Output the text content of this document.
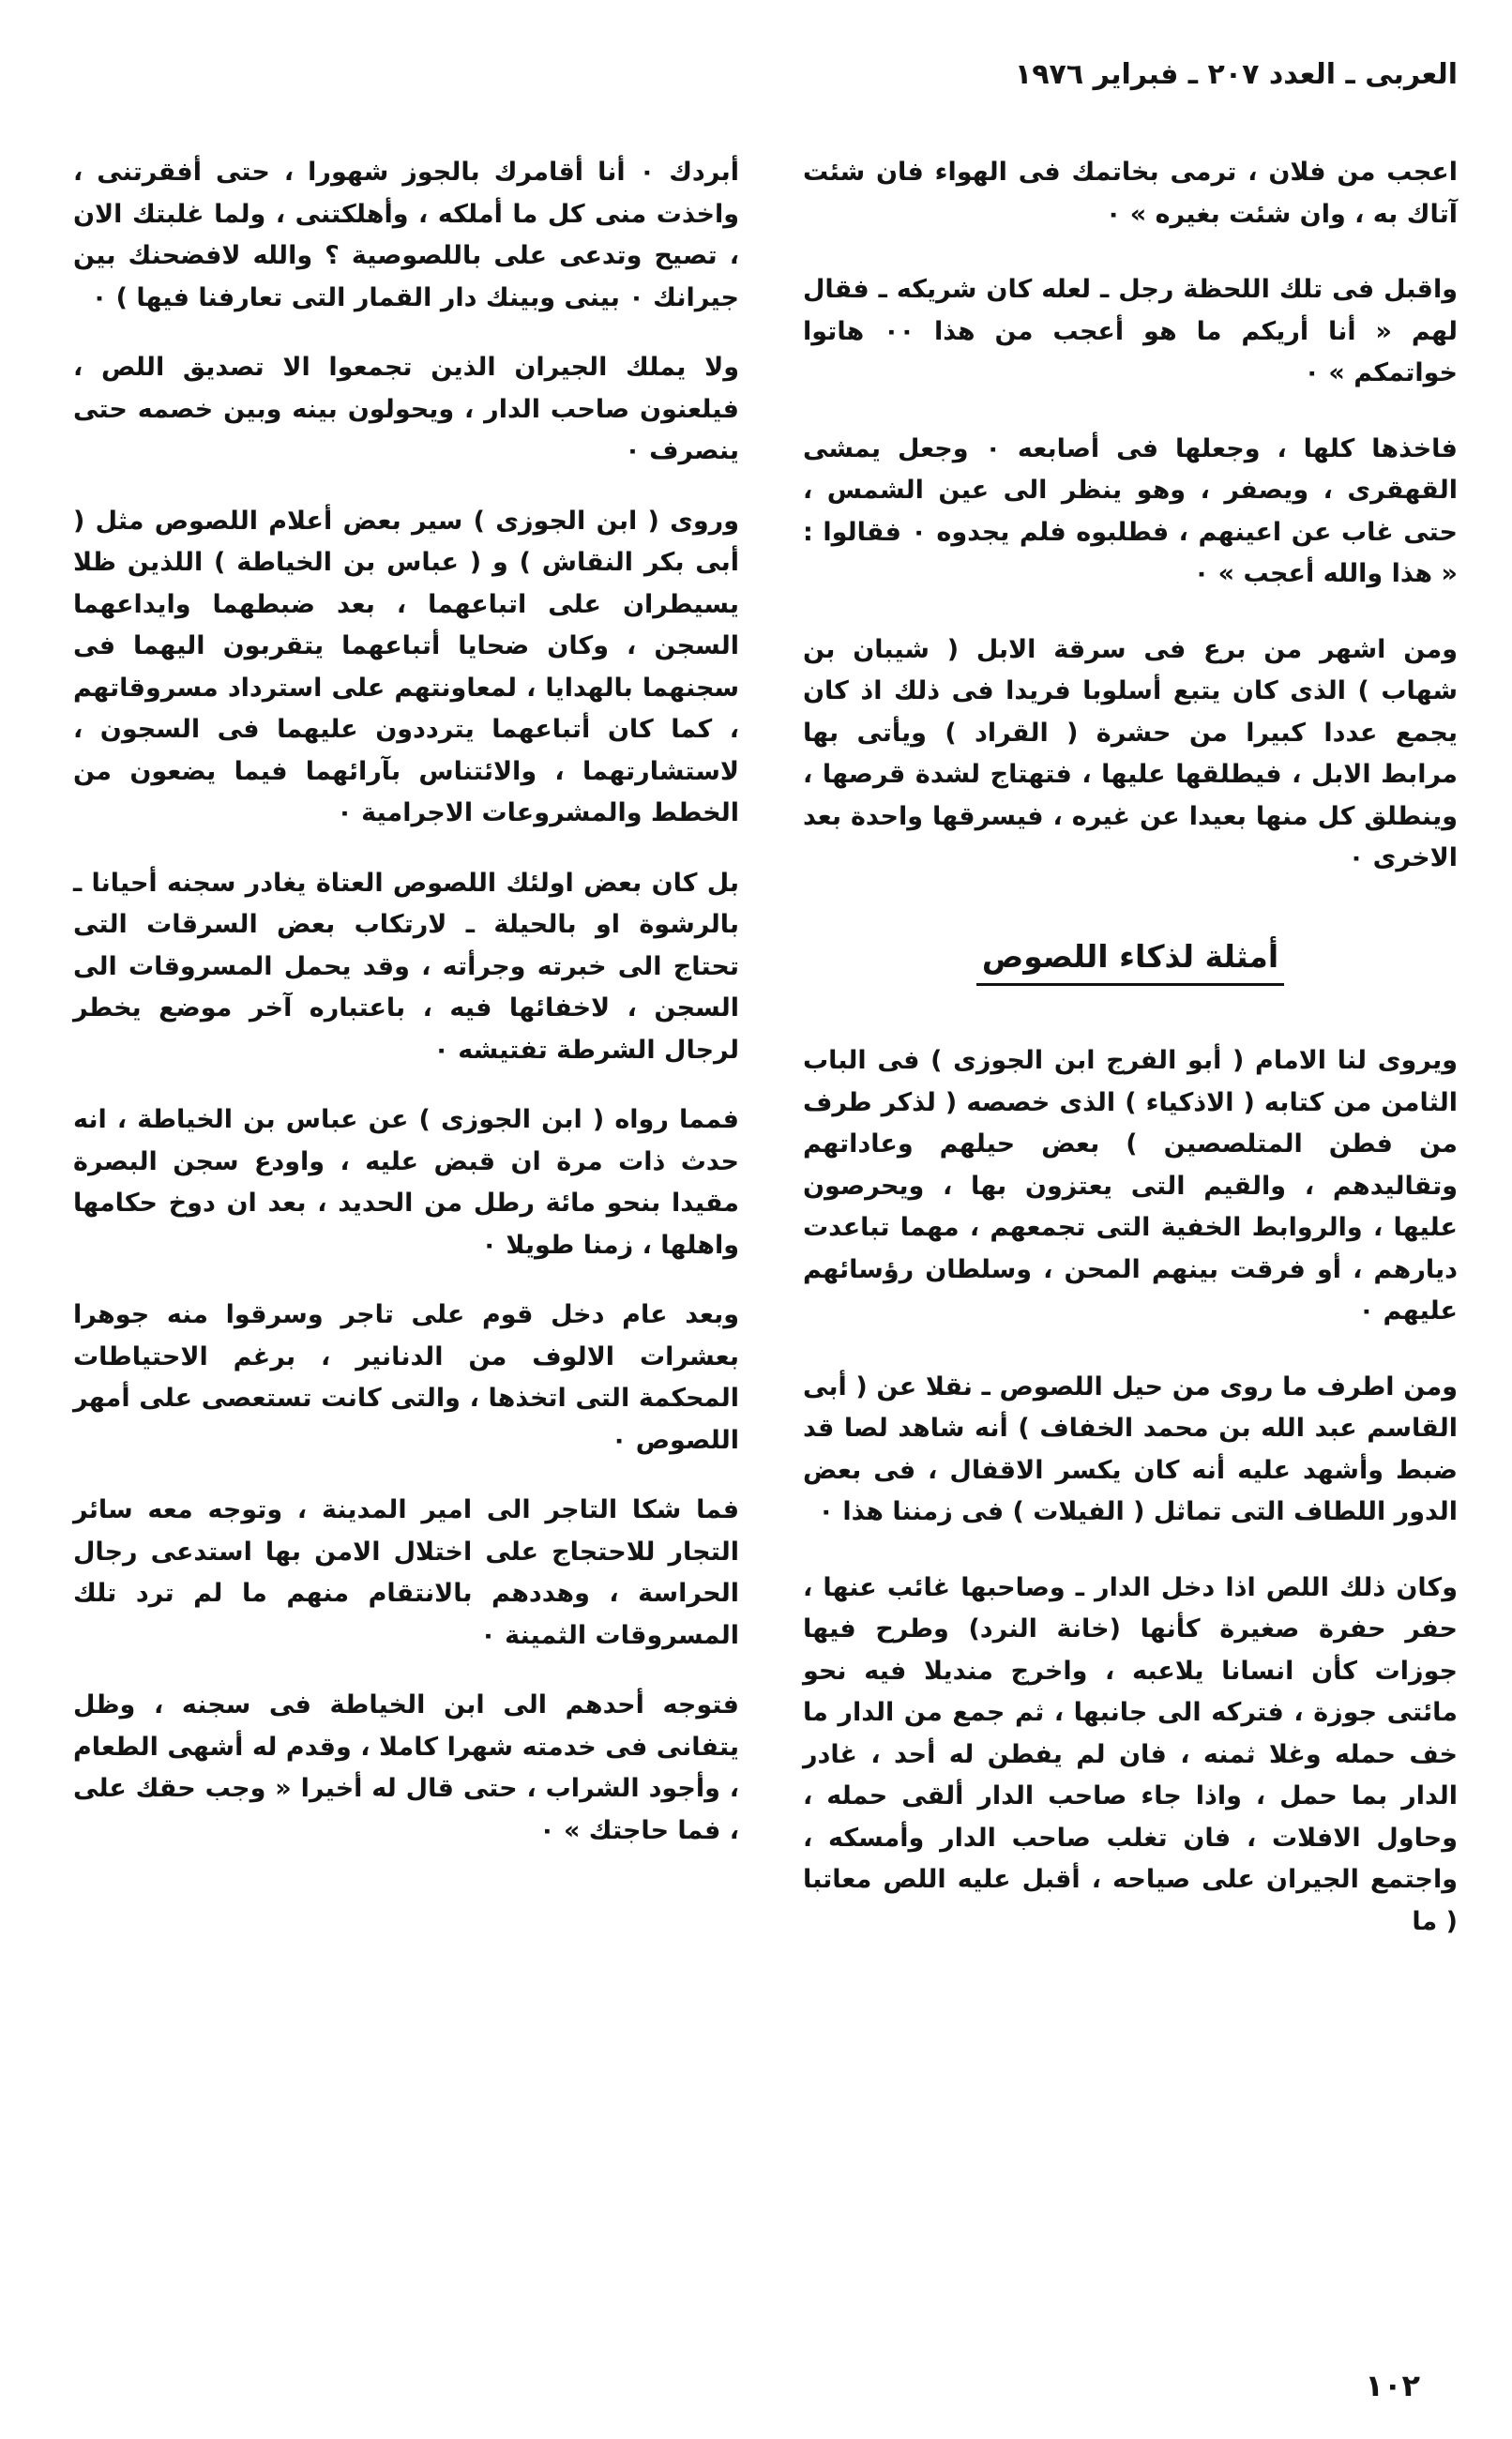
العربى ـ العدد ٢٠٧ ـ فبراير ١٩٧٦

اعجب من فلان ، ترمى بخاتمك فى الهواء فان شئت آتاك به ، وان شئت بغيره » ٠

واقبل فى تلك اللحظة رجل ـ لعله كان شريكه ـ فقال لهم « أنا أريكم ما هو أعجب من هذا ٠٠ هاتوا خواتمكم » ٠

فاخذها كلها ، وجعلها فى أصابعه ٠ وجعل يمشى القهقرى ، ويصفر ، وهو ينظر الى عين الشمس ، حتى غاب عن اعينهم ، فطلبوه فلم يجدوه ٠ فقالوا : « هذا والله أعجب » ٠

ومن اشهر من برع فى سرقة الابل ( شيبان بن شهاب ) الذى كان يتبع أسلوبا فريدا فى ذلك اذ كان يجمع عددا كبيرا من حشرة ( القراد ) ويأتى بها مرابط الابل ، فيطلقها عليها ، فتهتاج لشدة قرصها ، وينطلق كل منها بعيدا عن غيره ، فيسرقها واحدة بعد الاخرى ٠

أمثلة لذكاء اللصوص

ويروى لنا الامام ( أبو الفرج ابن الجوزى ) فى الباب الثامن من كتابه ( الاذكياء ) الذى خصصه ( لذكر طرف من فطن المتلصصين ) بعض حيلهم وعاداتهم وتقاليدهم ، والقيم التى يعتزون بها ، ويحرصون عليها ، والروابط الخفية التى تجمعهم ، مهما تباعدت ديارهم ، أو فرقت بينهم المحن ، وسلطان رؤسائهم عليهم ٠

ومن اطرف ما روى من حيل اللصوص ـ نقلا عن ( أبى القاسم عبد الله بن محمد الخفاف ) أنه شاهد لصا قد ضبط وأشهد عليه أنه كان يكسر الاقفال ، فى بعض الدور اللطاف التى تماثل ( الفيلات ) فى زمننا هذا ٠

وكان ذلك اللص اذا دخل الدار ـ وصاحبها غائب عنها ، حفر حفرة صغيرة كأنها (خانة النرد) وطرح فيها جوزات كأن انسانا يلاعبه ، واخرج منديلا فيه نحو مائتى جوزة ، فتركه الى جانبها ، ثم جمع من الدار ما خف حمله وغلا ثمنه ، فان لم يفطن له أحد ، غادر الدار بما حمل ، واذا جاء صاحب الدار ألقى حمله ، وحاول الافلات ، فان تغلب صاحب الدار وأمسكه ، واجتمع الجيران على صياحه ، أقبل عليه اللص معاتبا ( ما

أبردك ٠ أنا أقامرك بالجوز شهورا ، حتى أفقرتنى ، واخذت منى كل ما أملكه ، وأهلكتنى ، ولما غلبتك الان ، تصيح وتدعى على باللصوصية ؟ والله لافضحنك بين جيرانك ٠ بينى وبينك دار القمار التى تعارفنا فيها ) ٠

ولا يملك الجيران الذين تجمعوا الا تصديق اللص ، فيلعنون صاحب الدار ، ويحولون بينه وبين خصمه حتى ينصرف ٠

وروى ( ابن الجوزى ) سير بعض أعلام اللصوص مثل ( أبى بكر النقاش ) و ( عباس بن الخياطة ) اللذين ظلا يسيطران على اتباعهما ، بعد ضبطهما وايداعهما السجن ، وكان ضحايا أتباعهما يتقربون اليهما فى سجنهما بالهدايا ، لمعاونتهم على استرداد مسروقاتهم ، كما كان أتباعهما يترددون عليهما فى السجون ، لاستشارتهما ، والائتناس بآرائهما فيما يضعون من الخطط والمشروعات الاجرامية ٠

بل كان بعض اولئك اللصوص العتاة يغادر سجنه أحيانا ـ بالرشوة او بالحيلة ـ لارتكاب بعض السرقات التى تحتاج الى خبرته وجرأته ، وقد يحمل المسروقات الى السجن ، لاخفائها فيه ، باعتباره آخر موضع يخطر لرجال الشرطة تفتيشه ٠

فمما رواه ( ابن الجوزى ) عن عباس بن الخياطة ، انه حدث ذات مرة ان قبض عليه ، واودع سجن البصرة مقيدا بنحو مائة رطل من الحديد ، بعد ان دوخ حكامها واهلها ، زمنا طويلا ٠

وبعد عام دخل قوم على تاجر وسرقوا منه جوهرا بعشرات الالوف من الدنانير ، برغم الاحتياطات المحكمة التى اتخذها ، والتى كانت تستعصى على أمهر اللصوص ٠

فما شكا التاجر الى امير المدينة ، وتوجه معه سائر التجار للاحتجاج على اختلال الامن بها استدعى رجال الحراسة ، وهددهم بالانتقام منهم ما لم ترد تلك المسروقات الثمينة ٠

فتوجه أحدهم الى ابن الخياطة فى سجنه ، وظل يتفانى فى خدمته شهرا كاملا ، وقدم له أشهى الطعام ، وأجود الشراب ، حتى قال له أخيرا « وجب حقك على ، فما حاجتك » ٠

١٠٢
